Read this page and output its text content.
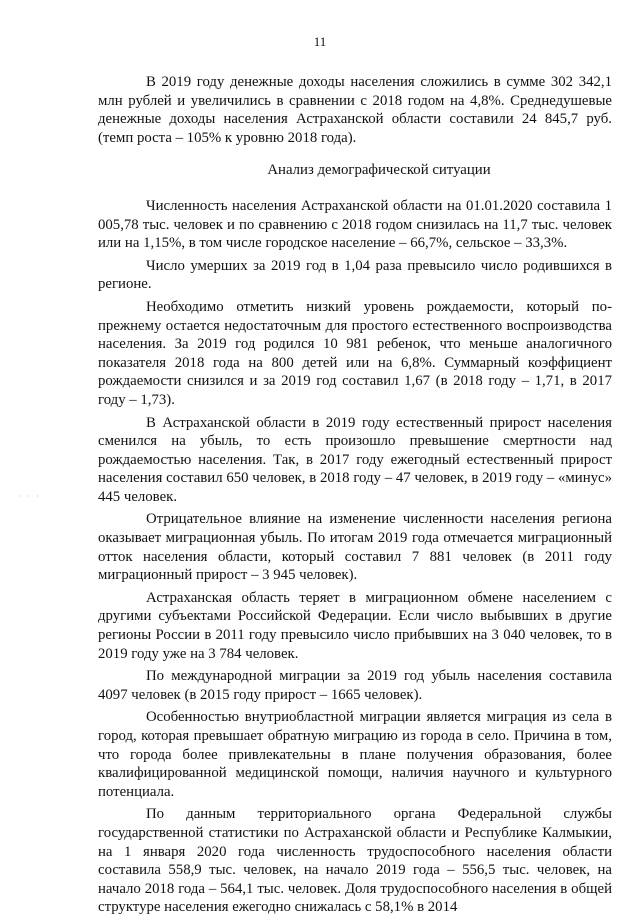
11
· · ·

В 2019 году денежные доходы населения сложились в сумме 302 342,1 млн рублей и увеличились в сравнении с 2018 годом на 4,8%. Среднедушевые денежные доходы населения Астраханской области составили 24 845,7 руб. (темп роста – 105% к уровню 2018 года).

Анализ демографической ситуации

Численность населения Астраханской области на 01.01.2020 составила 1 005,78 тыс. человек и по сравнению с 2018 годом снизилась на 11,7 тыс. человек или на 1,15%, в том числе городское население – 66,7%, сельское – 33,3%.

Число умерших за 2019 год в 1,04 раза превысило число родившихся в регионе.

Необходимо отметить низкий уровень рождаемости, который по-прежнему остается недостаточным для простого естественного воспроизводства населения. За 2019 год родился 10 981 ребенок, что меньше аналогичного показателя 2018 года на 800 детей или на 6,8%. Суммарный коэффициент рождаемости снизился и за 2019 год составил 1,67 (в 2018 году – 1,71, в 2017 году – 1,73).

В Астраханской области в 2019 году естественный прирост населения сменился на убыль, то есть произошло превышение смертности над рождаемостью населения. Так, в 2017 году ежегодный естественный прирост населения составил 650 человек, в 2018 году – 47 человек, в 2019 году – «минус» 445 человек.

Отрицательное влияние на изменение численности населения региона оказывает миграционная убыль. По итогам 2019 года отмечается миграционный отток населения области, который составил 7 881 человек (в 2011 году миграционный прирост – 3 945 человек).

Астраханская область теряет в миграционном обмене населением с другими субъектами Российской Федерации. Если число выбывших в другие регионы России в 2011 году превысило число прибывших на 3 040 человек, то в 2019 году уже на 3 784 человек.

По международной миграции за 2019 год убыль населения составила 4097 человек (в 2015 году прирост – 1665 человек).

Особенностью внутриобластной миграции является миграция из села в город, которая превышает обратную миграцию из города в село. Причина в том, что города более привлекательны в плане получения образования, более квалифицированной медицинской помощи, наличия научного и культурного потенциала.

По данным территориального органа Федеральной службы государственной статистики по Астраханской области и Республике Калмыкии, на 1 января 2020 года численность трудоспособного населения области составила 558,9 тыс. человек, на начало 2019 года – 556,5 тыс. человек, на начало 2018 года – 564,1 тыс. человек. Доля трудоспособного населения в общей структуре населения ежегодно снижалась с 58,1% в 2014
